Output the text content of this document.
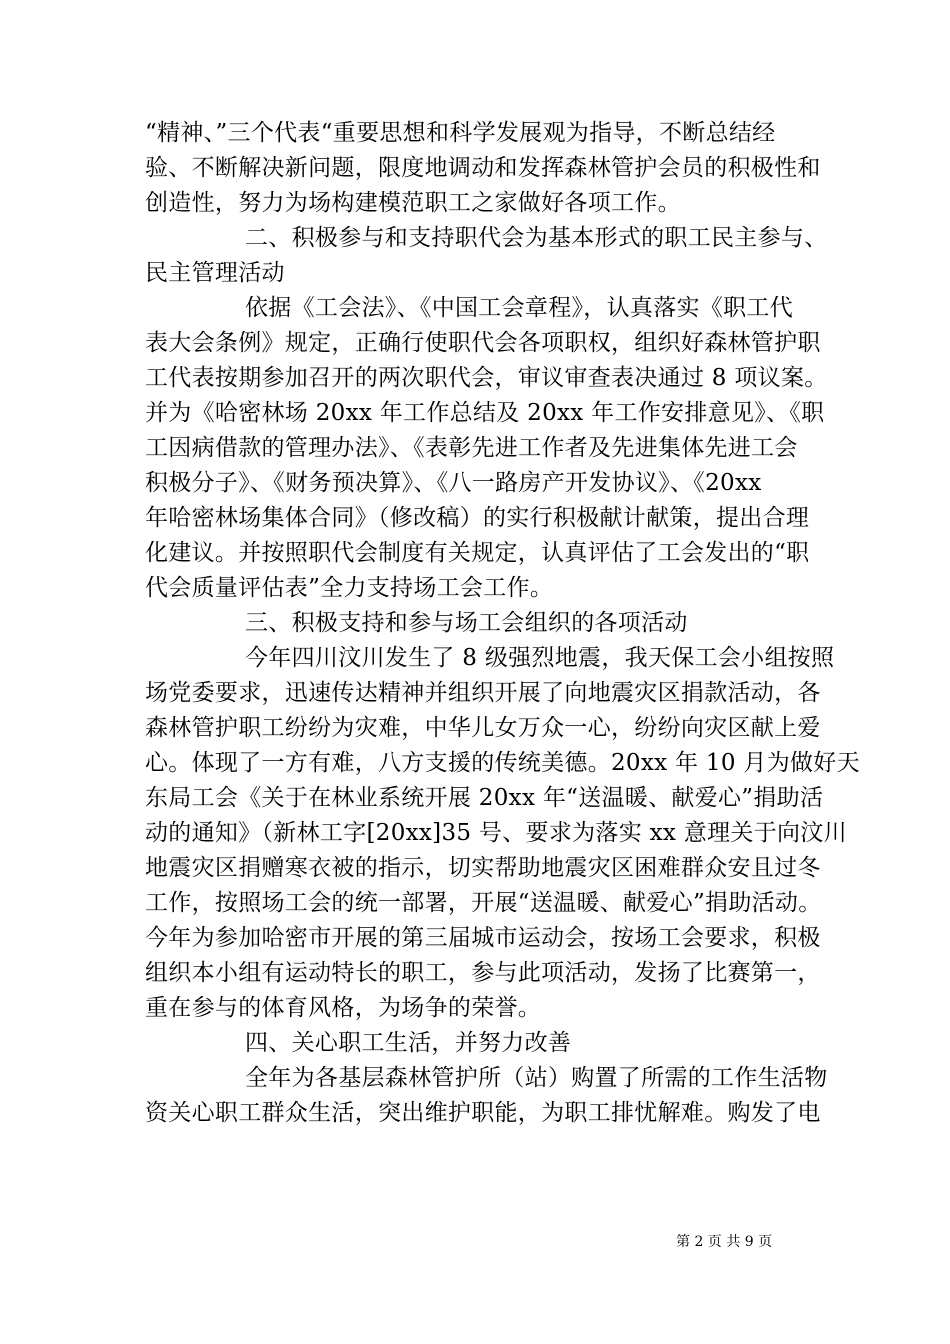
“精神、”三个代表“重要思想和科学发展观为指导，不断总结经
验、不断解决新问题，限度地调动和发挥森林管护会员的积极性和
创造性，努力为场构建模范职工之家做好各项工作。
二、积极参与和支持职代会为基本形式的职工民主参与、
民主管理活动
依据《工会法》、《中国工会章程》，认真落实《职工代
表大会条例》规定，正确行使职代会各项职权，组织好森林管护职
工代表按期参加召开的两次职代会，审议审查表决通过 8 项议案。
并为《哈密林场 20xx 年工作总结及 20xx 年工作安排意见》、《职
工因病借款的管理办法》、《表彰先进工作者及先进集体先进工会
积极分子》、《财务预决算》、《八一路房产开发协议》、《20xx
年哈密林场集体合同》（修改稿）的实行积极献计献策，提出合理
化建议。并按照职代会制度有关规定，认真评估了工会发出的“职
代会质量评估表”全力支持场工会工作。
三、积极支持和参与场工会组织的各项活动
今年四川汶川发生了 8 级强烈地震，我天保工会小组按照
场党委要求，迅速传达精神并组织开展了向地震灾区捐款活动，各
森林管护职工纷纷为灾难，中华儿女万众一心，纷纷向灾区献上爱
心。体现了一方有难，八方支援的传统美德。20xx 年 10 月为做好天
东局工会《关于在林业系统开展 20xx 年“送温暖、献爱心”捐助活
动的通知》（新林工字[20xx]35 号、要求为落实 xx 意理关于向汶川
地震灾区捐赠寒衣被的指示，切实帮助地震灾区困难群众安且过冬
工作，按照场工会的统一部署，开展“送温暖、献爱心”捐助活动。
今年为参加哈密市开展的第三届城市运动会，按场工会要求，积极
组织本小组有运动特长的职工，参与此项活动，发扬了比赛第一，
重在参与的体育风格，为场争的荣誉。
四、关心职工生活，并努力改善
全年为各基层森林管护所（站）购置了所需的工作生活物
资关心职工群众生活，突出维护职能，为职工排忧解难。购发了电
第 2 页 共 9 页
